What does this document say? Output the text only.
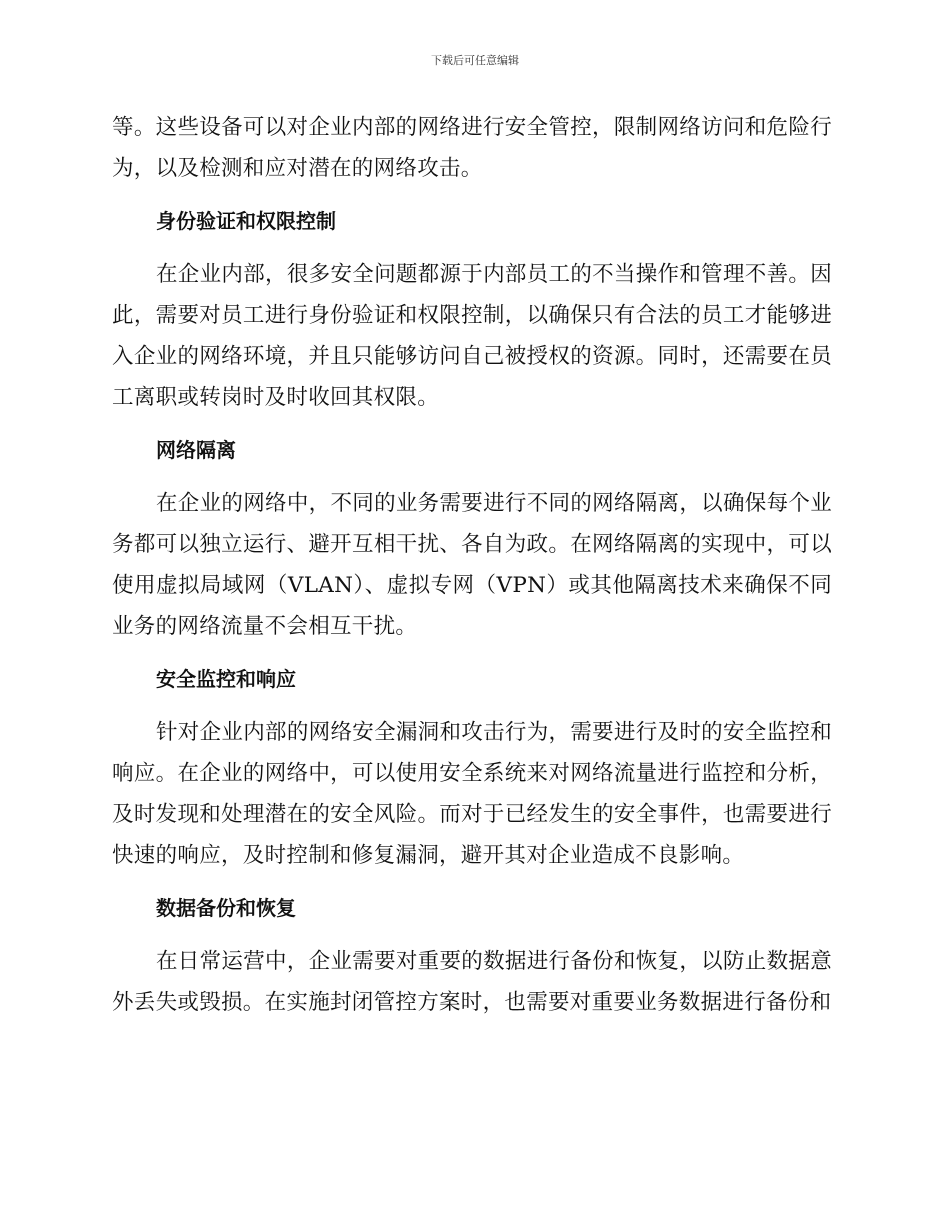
下载后可任意编辑

等。这些设备可以对企业内部的网络进行安全管控，限制网络访问和危险行为，以及检测和应对潜在的网络攻击。

身份验证和权限控制

在企业内部，很多安全问题都源于内部员工的不当操作和管理不善。因此，需要对员工进行身份验证和权限控制，以确保只有合法的员工才能够进入企业的网络环境，并且只能够访问自己被授权的资源。同时，还需要在员工离职或转岗时及时收回其权限。

网络隔离

在企业的网络中，不同的业务需要进行不同的网络隔离，以确保每个业务都可以独立运行、避开互相干扰、各自为政。在网络隔离的实现中，可以使用虚拟局域网（VLAN）、虚拟专网（VPN）或其他隔离技术来确保不同业务的网络流量不会相互干扰。

安全监控和响应

针对企业内部的网络安全漏洞和攻击行为，需要进行及时的安全监控和响应。在企业的网络中，可以使用安全系统来对网络流量进行监控和分析，及时发现和处理潜在的安全风险。而对于已经发生的安全事件，也需要进行快速的响应，及时控制和修复漏洞，避开其对企业造成不良影响。

数据备份和恢复

在日常运营中，企业需要对重要的数据进行备份和恢复，以防止数据意外丢失或毁损。在实施封闭管控方案时，也需要对重要业务数据进行备份和
